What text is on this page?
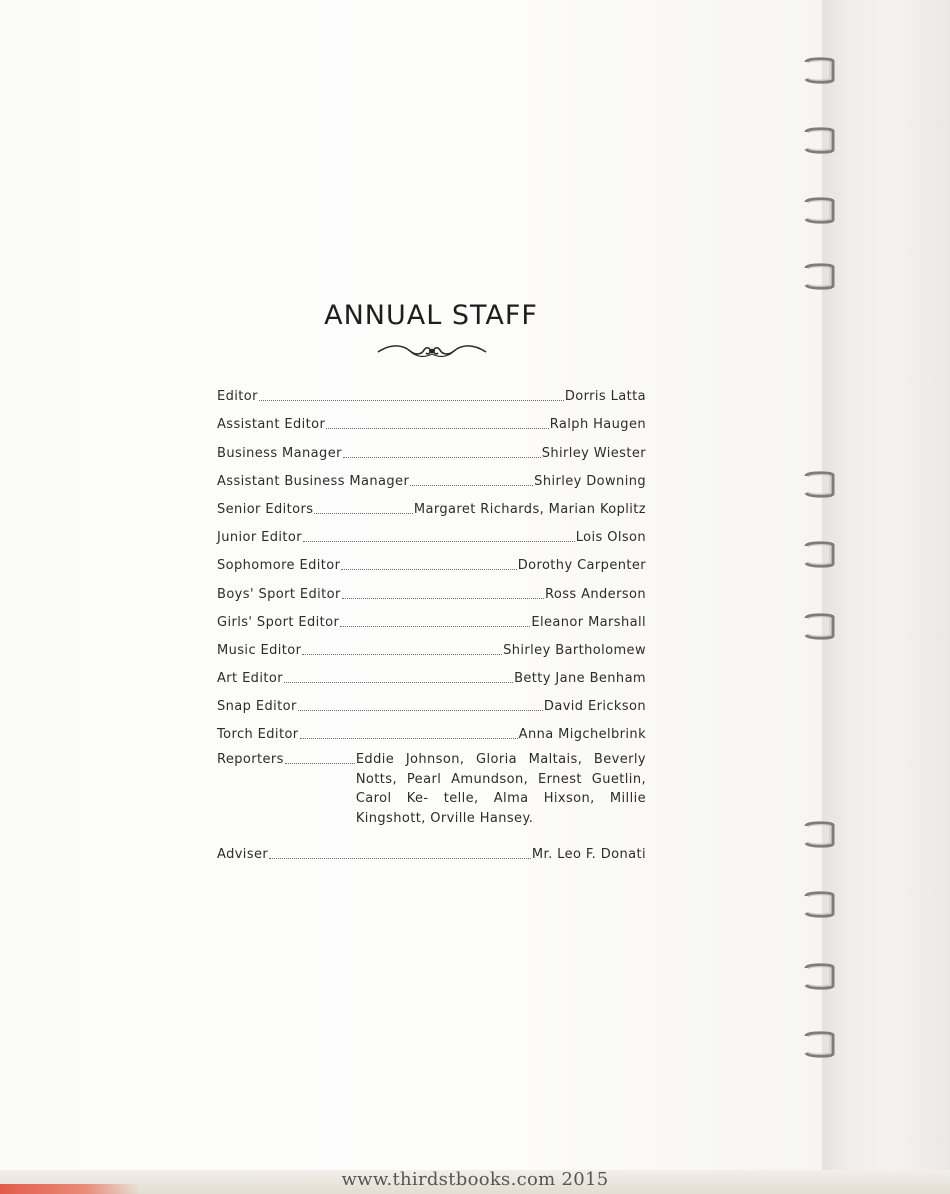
ANNUAL STAFF
Editor	Dorris Latta
Assistant Editor	Ralph Haugen
Business Manager	Shirley Wiester
Assistant Business Manager	Shirley Downing
Senior Editors	Margaret Richards, Marian Koplitz
Junior Editor	Lois Olson
Sophomore Editor	Dorothy Carpenter
Boys' Sport Editor	Ross Anderson
Girls' Sport Editor	Eleanor Marshall
Music Editor	Shirley Bartholomew
Art Editor	Betty Jane Benham
Snap Editor	David Erickson
Torch Editor	Anna Migchelbrink
Reporters	Eddie Johnson, Gloria Maltais, Beverly Notts, Pearl Amundson, Ernest Guetlin, Carol Ke- telle, Alma Hixson, Millie Kingshott, Orville Hansey.
Adviser	Mr. Leo F. Donati
www.thirdstbooks.com 2015
